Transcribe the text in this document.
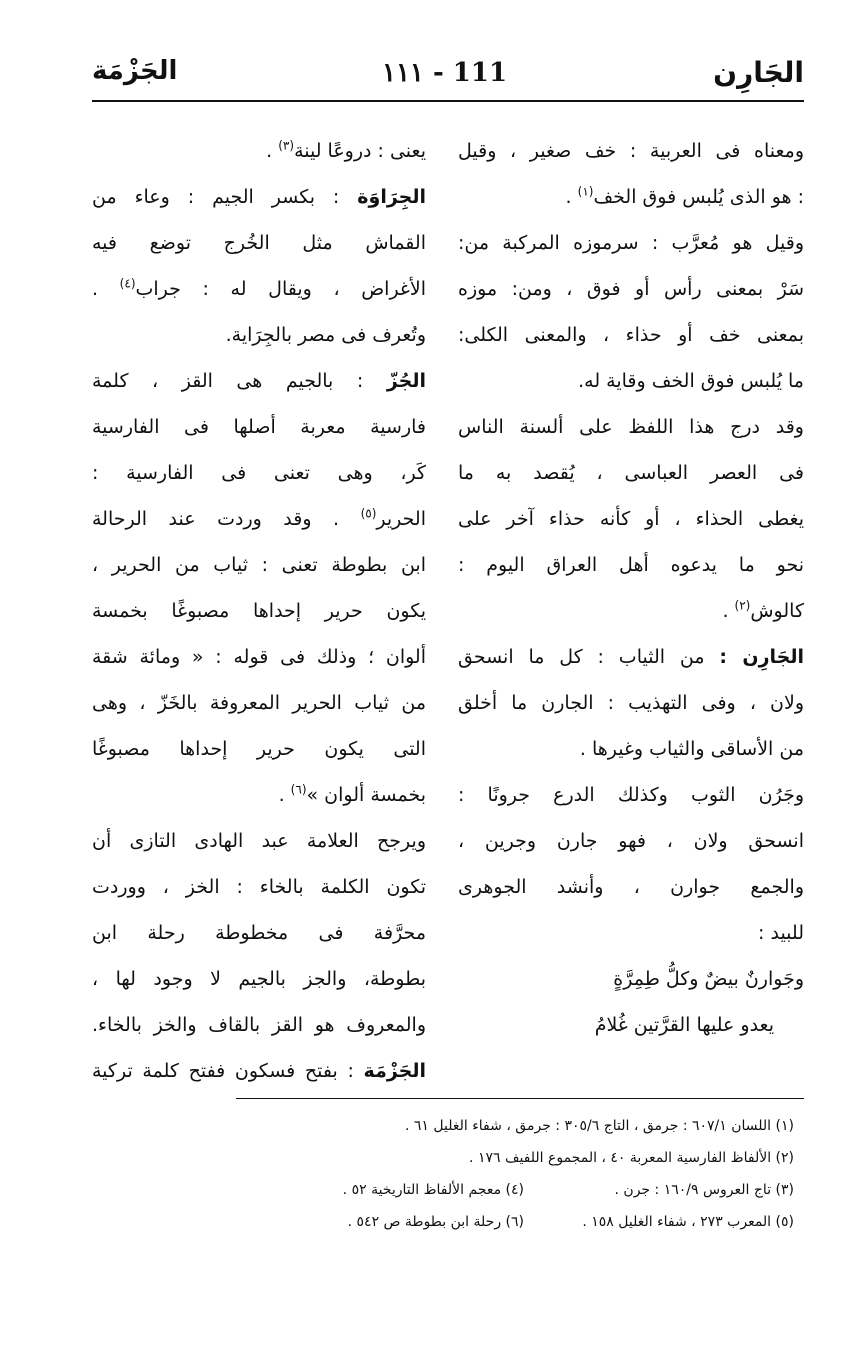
الجَارِن
١١١ - 111
الجَزْمَة
ومعناه فى العربية : خف صغير ، وقيل
: هو الذى يُلبس فوق الخف$^{(١)}$ .
وقيل هو مُعرَّب : سرموزه المركبة من:
سَرْ بمعنى رأس أو فوق ، ومن: موزه
بمعنى خف أو حذاء ، والمعنى الكلى:
ما يُلبس فوق الخف وقاية له.
وقد درج هذا اللفظ على ألسنة الناس
فى العصر العباسى ، يُقصد به ما
يغطى الحذاء ، أو كأنه حذاء آخر على
نحو ما يدعوه أهل العراق اليوم :
كالوش$^{(٢)}$ .
الجَارِن : من الثياب : كل ما انسحق
ولان ، وفى التهذيب : الجارن ما أخلق
من الأساقى والثياب وغيرها .
وجَرُن الثوب وكذلك الدرع جرونًا :
انسحق ولان ، فهو جارن وجرين ،
والجمع جوارن ، وأنشد الجوهرى
للبيد :
وجَوارنٌ بيضٌ وكلُّ طِمِرَّةٍ
يعدو عليها القرَّتين غُلامُ
يعنى : دروعًا لينة$^{(٣)}$ .
الجِرَاوَة : بكسر الجيم : وعاء من
القماش مثل الخُرج توضع فيه
الأغراض ، ويقال له : جراب$^{(٤)}$ .
وتُعرف فى مصر بالجِرَاية.
الجُزّ : بالجيم هى القز ، كلمة
فارسية معربة أصلها فى الفارسية
كَر، وهى تعنى فى الفارسية :
الحرير$^{(٥)}$ . وقد وردت عند الرحالة
ابن بطوطة تعنى : ثياب من الحرير ،
يكون حرير إحداها مصبوغًا بخمسة
ألوان ؛ وذلك فى قوله : « ومائة شقة
من ثياب الحرير المعروفة بالخَزّ ، وهى
التى يكون حرير إحداها مصبوغًا
بخمسة ألوان »$^{(٦)}$ .
ويرجح العلامة عبد الهادى التازى أن
تكون الكلمة بالخاء : الخز ، ووردت
محرَّفة فى مخطوطة رحلة ابن
بطوطة، والجز بالجيم لا وجود لها ،
والمعروف هو القز بالقاف والخز بالخاء.
الجَزْمَة : بفتح فسكون ففتح كلمة تركية
(١) اللسان ٦٠٧/١ : جرمق ، التاج ٣٠٥/٦ : جرمق ، شفاء الغليل ٦١ .
(٢) الألفاظ الفارسية المعربة ٤٠ ، المجموع اللفيف ١٧٦ .
(٣) تاج العروس ١٦٠/٩ : جرن .(٤) معجم الألفاظ التاريخية ٥٢ .
(٥) المعرب ٢٧٣ ، شفاء الغليل ١٥٨ .(٦) رحلة ابن بطوطة ص ٥٤٢ .
